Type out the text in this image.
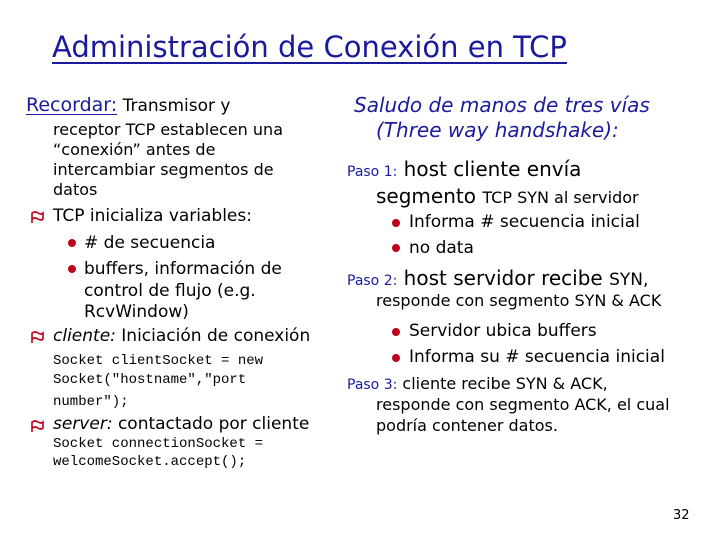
Administración de Conexión en TCP
Recordar: Transmisor y
receptor TCP establecen una
“conexión” antes de
intercambiar segmentos de
datos
TCP inicializa variables:
# de secuencia
buffers, información de
control de flujo (e.g.
RcvWindow)
cliente: Iniciación de conexión
Socket clientSocket = new
Socket("hostname","port
number");
server: contactado por cliente
Socket connectionSocket =
welcomeSocket.accept();
Saludo de manos de tres vías
(Three way handshake):
Paso 1: host cliente envía
segmento TCP SYN al servidor
Informa # secuencia inicial
no data
Paso 2: host servidor recibe SYN,
responde con segmento SYN & ACK
Servidor ubica buffers
Informa su # secuencia inicial
Paso 3: cliente recibe SYN & ACK,
responde con segmento ACK, el cual
podría contener datos.
32
